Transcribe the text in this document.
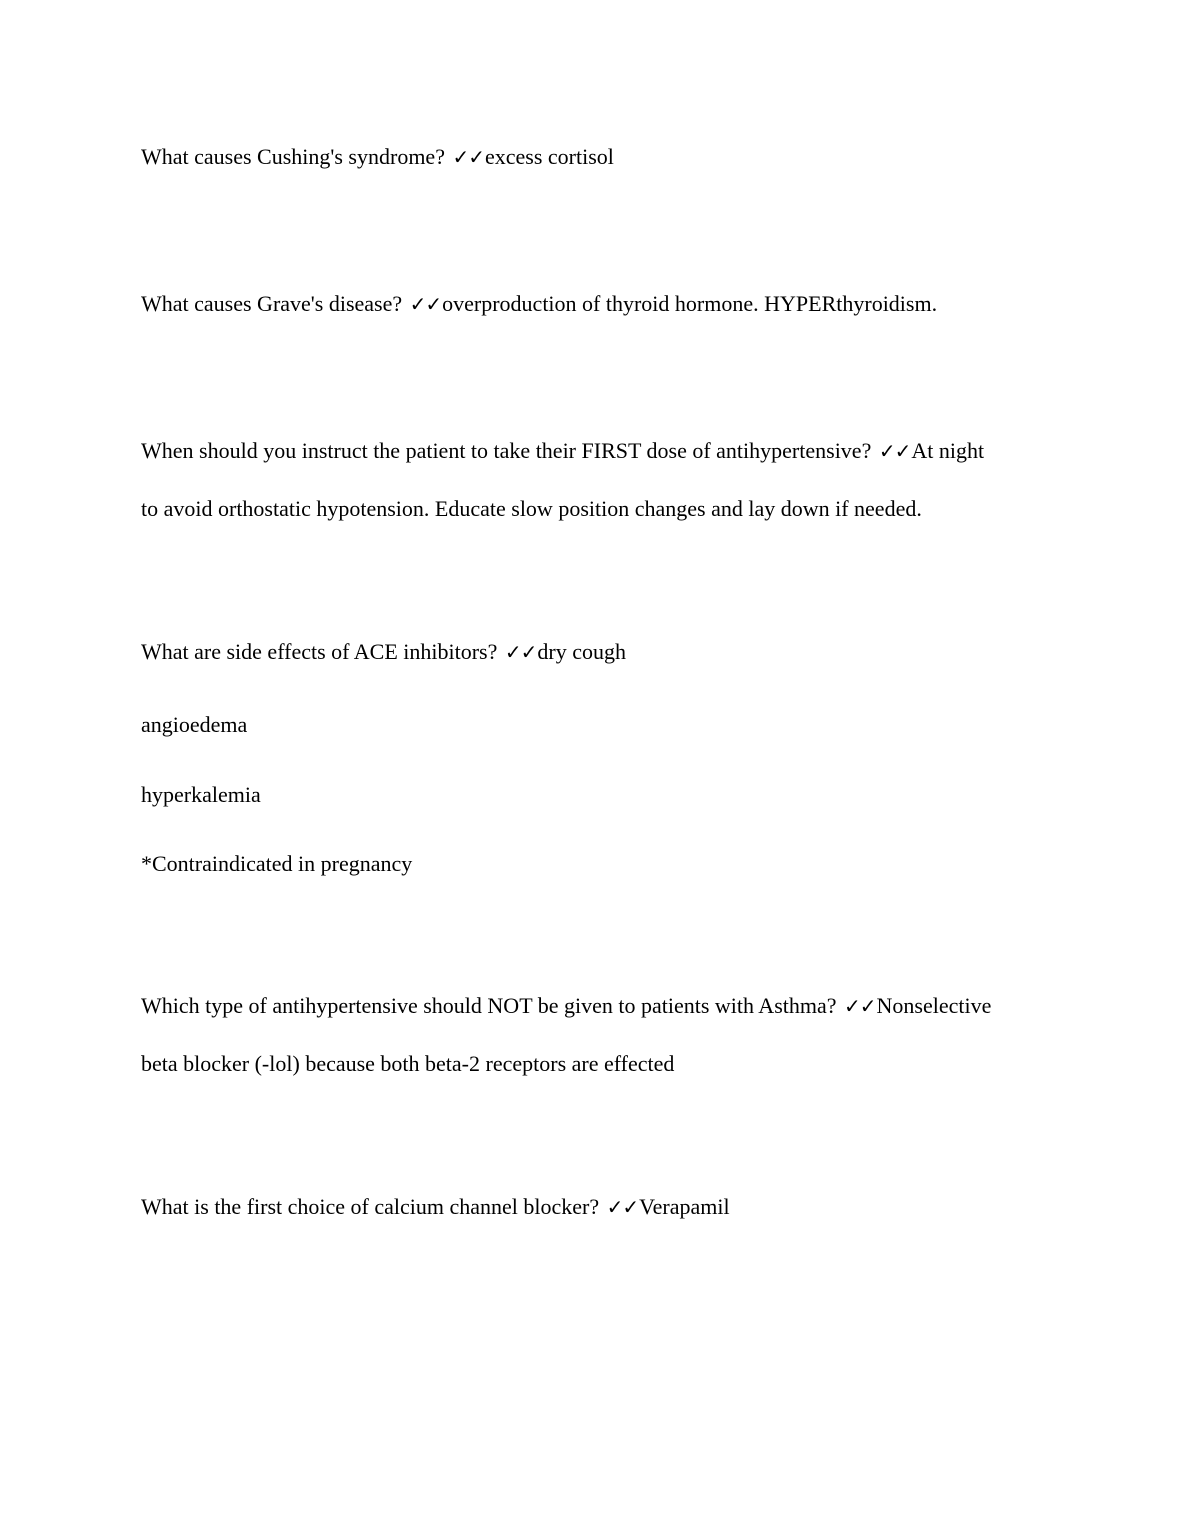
What causes Cushing's syndrome? ✓✓excess cortisol

What causes Grave's disease? ✓✓overproduction of thyroid hormone. HYPERthyroidism.

When should you instruct the patient to take their FIRST dose of antihypertensive? ✓✓At night

to avoid orthostatic hypotension. Educate slow position changes and lay down if needed.

What are side effects of ACE inhibitors? ✓✓dry cough

angioedema

hyperkalemia

*Contraindicated in pregnancy

Which type of antihypertensive should NOT be given to patients with Asthma? ✓✓Nonselective

beta blocker (-lol) because both beta-2 receptors are effected

What is the first choice of calcium channel blocker? ✓✓Verapamil
